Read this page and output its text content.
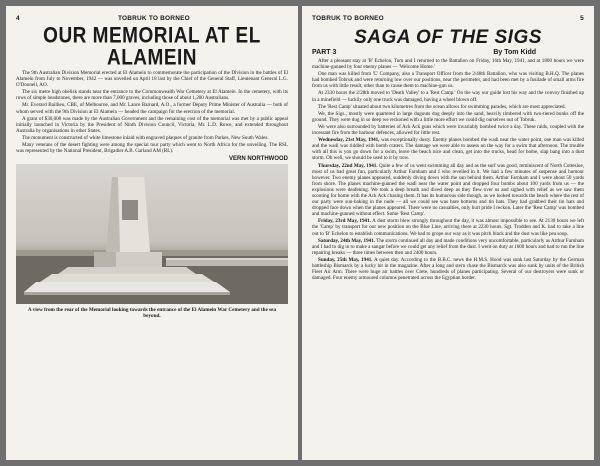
4	TOBRUK TO BORNEO
OUR MEMORIAL AT EL ALAMEIN

The 9th Australian Division Memorial erected at El Alamein to commemorate the participation of the Division in the battles of El Alamein from July to November, 1942 — was unveiled on April 18 last by the Chief of the General Staff, Lieutenant General L.G. O'Donnell, AO.

The six metre high obelisk stands near the entrance to the Commonwealth War Cemetery at El Alamein. In the cemetery, with its rows of simple headstones, there are more than 7,000 graves, including those of about 1,200 Australians.

Mr. Everard Baillieu, CBE, of Melbourne, and Mr. Lance Barnard, A.O., a former Deputy Prime Minister of Australia — both of whom served with the 9th Division at El Alamein — headed the campaign for the erection of the memorial.

A grant of $30,000 was made by the Australian Government and the remaining cost of the memorial was met by a public appeal initially launched in Victoria by the President of Ninth Division Council, Victoria, Mr. L.D. Rowe, and extended throughout Australia by organisations in other States.

The monument is constructed of white limestone inlaid with engraved plaques of granite from Parkes, New South Wales.

Many veterans of the desert fighting were among the special tour party which went to North Africa for the unveiling. The RSL was represented by the National President, Brigadier A.B. Garland AM (RL).

VERN NORTHWOOD
A view from the rear of the Memorial looking towards the entrance of the El Alamein War Cemetery and the sea beyond.
TOBRUK TO BORNEO	5
SAGA OF THE SIGS
PART 3	By Tom Kidd

After a pleasant stay at 'B' Echelon, Tom and I returned to the Battalion on Friday, 16th May, 1941, and at 1800 hours we were machine-gunned by four enemy planes — 'Welcome Home.'

One man was killed from 'C' Company, also a Transport Officer from the 2/48th Battalion, who was visiting B.H.Q. The planes had bombed Tobruk and were returning low over our positions, near the perimeter, and had been met by a fusilade of small arms fire from us with little result, other than to cause them to machine-gun us.

At 2330 hours the 2/28th moved to 'Death Valley' to a 'Rest Camp.' On the way our guide lost his way and the convoy finished up in a minefield — luckily only one truck was damaged, having a wheel blown off.

The 'Rest Camp' situated about two kilometres from the ocean allows for swimming parades, which are most appreciated.

We, the Sigs., mostly were quartered in large dugouts dug deeply into the sand, heavily timbered with two-tiered bunks off the ground. They were dug in so deep we reckoned with a little more effort we could dig ourselves out of Tobruk.

We were also surrounded by batteries of Ack Ack guns which were invariably bombed twice a day. These raids, coupled with the incessant fire from the harbour defences, allowed for little rest.

Wednesday, 21st May, 1941, was exceptionally dusty. Enemy planes bombed the wadi near the water point, one man was killed and the wadi was riddled with bomb craters. The damage we were able to assess on the way for a swim that afternoon. The trouble with all this is you go down for a swim, leave the beach nice and clean, get into the trucks, head for home, slap bang into a dust storm. Oh well, we should be used to it by now.

Thursday, 22nd May, 1941. Quite a few of us went swimming all day and as the surf was good, reminiscent of North Cottesloe, most of us had great fun, particularly Arthur Farnham and I who revelled in it. We had a few minutes of suspense and humour however. Two enemy planes appeared, suddenly diving down with the sun behind them. Arthur Farnham and I were about 50 yards from shore. The planes machine-gunned the wadi near the water point and dropped four bombs about 100 yards from us — the explosions were deafening. We took a deep breath and dived deep as they flew over us and sighed with relief as we saw them scooting for home with the Ack Ack chasing them. It has its humorous side though, as we looked towards the beach where the rest of our party were sun-baking in the nude — all we could see was bare bottoms and tin hats. They had grabbed their tin hats and dropped face down when the planes appeared. There were no casualties, only hurt pride I reckon. Later the 'Rest Camp' was bombed and machine-gunned without effect. Some 'Rest Camp'.

Friday, 23rd May, 1941. A dust storm blew strongly throughout the day, it was almost impossible to see. At 2130 hours we left the 'Camp' by transport for our new position on the Blue Line, arriving there at 2230 hours. Sgt. Trodden and K. had to take a line out to 'B' Echelon to establish communications. We had to grope our way as it was pitch black and the dust was like pea soup.

Saturday, 24th May, 1941. The storm continued all day and made conditions very uncomfortable, particularly as Arthur Farnham and I had to dig in to make a sangar before we could get any relief from the dust. I went on duty at 1600 hours and had to run the line repairing breaks — three times between then and 2400 hours.

Sunday, 25th May, 1941. A quiet day. According to the B.B.C. news the H.M.S. Hood was sunk last Saturday by the German battleship Bismarck by a lucky hit in the magazine. After a long and stern chase the Bismarck was also sunk by units of the British Fleet Air Arm. There were huge air battles over Crete, hundreds of planes participating. Several of our destroyers were sunk or damaged. Four enemy armoured columns penetrated across the Egyptian border.
